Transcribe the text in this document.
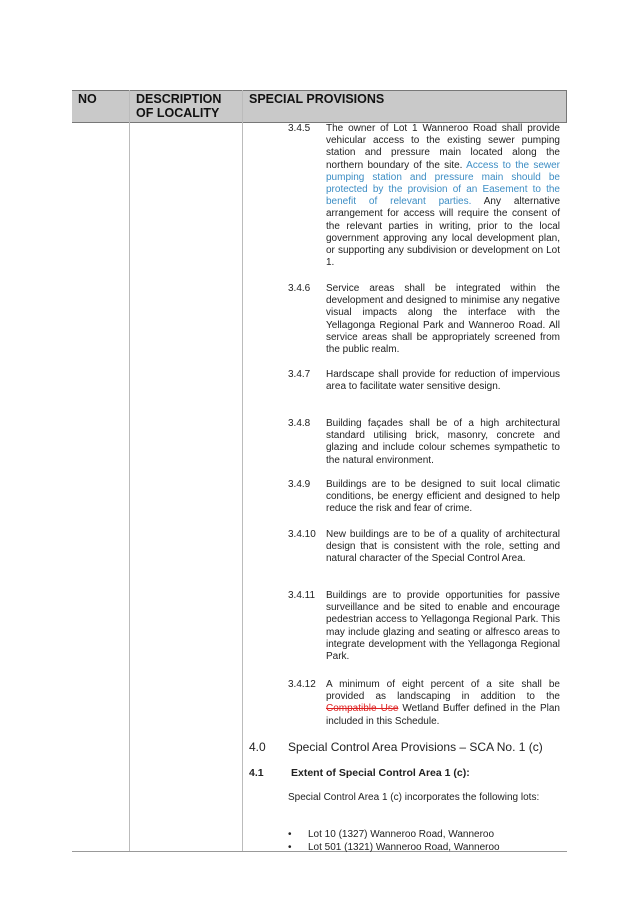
NO	DESCRIPTION
OF LOCALITY
SPECIAL PROVISIONS
3.4.5 The owner of Lot 1 Wanneroo Road shall provide vehicular access to the existing sewer pumping station and pressure main located along the northern boundary of the site. Access to the sewer pumping station and pressure main should be protected by the provision of an Easement to the benefit of relevant parties. Any alternative arrangement for access will require the consent of the relevant parties in writing, prior to the local government approving any local development plan, or supporting any subdivision or development on Lot 1.
3.4.6 Service areas shall be integrated within the development and designed to minimise any negative visual impacts along the interface with the Yellagonga Regional Park and Wanneroo Road. All service areas shall be appropriately screened from the public realm.
3.4.7 Hardscape shall provide for reduction of impervious area to facilitate water sensitive design.
3.4.8 Building façades shall be of a high architectural standard utilising brick, masonry, concrete and glazing and include colour schemes sympathetic to the natural environment.
3.4.9 Buildings are to be designed to suit local climatic conditions, be energy efficient and designed to help reduce the risk and fear of crime.
3.4.10 New buildings are to be of a quality of architectural design that is consistent with the role, setting and natural character of the Special Control Area.
3.4.11 Buildings are to provide opportunities for passive surveillance and be sited to enable and encourage pedestrian access to Yellagonga Regional Park. This may include glazing and seating or alfresco areas to integrate development with the Yellagonga Regional Park.
3.4.12 A minimum of eight percent of a site shall be provided as landscaping in addition to the Compatible Use Wetland Buffer defined in the Plan included in this Schedule.
4.0 Special Control Area Provisions – SCA No. 1 (c)
4.1	Extent of Special Control Area 1 (c):
Special Control Area 1 (c) incorporates the following lots:
• Lot 10 (1327) Wanneroo Road, Wanneroo
• Lot 501 (1321) Wanneroo Road, Wanneroo
